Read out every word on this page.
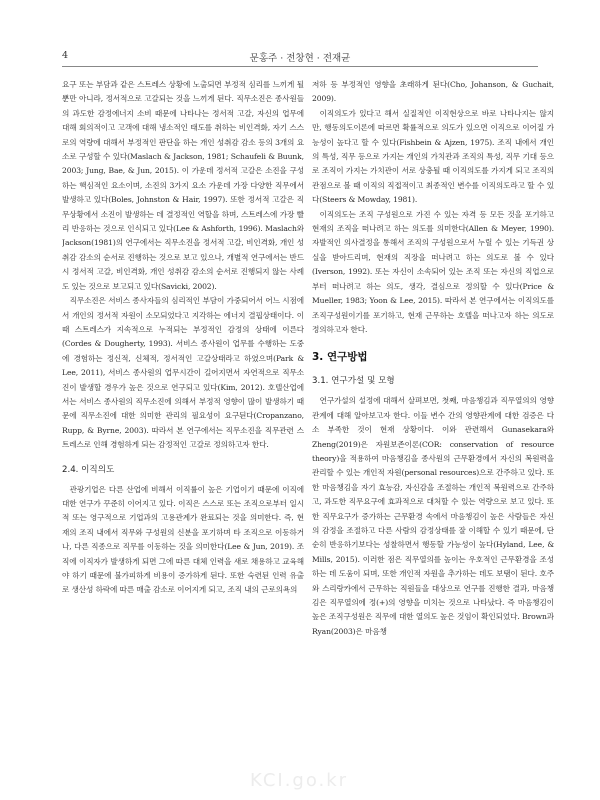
4	문홍주 · 전창현 · 전재균

요구 또는 부담과 같은 스트레스 상황에 노출되면 부정적 심리를 느끼게 될 뿐만 아니라, 정서적으로 고갈되는 것을 느끼게 된다. 직무소진은 종사원들의 과도한 감정에너지 소비 때문에 나타나는 정서적 고갈, 자신의 업무에 대해 회의적이고 고객에 대해 냉소적인 태도를 취하는 비인격화, 자기 스스로의 역량에 대해서 부정적인 판단을 하는 개인 성취감 감소 등의 3개의 요소로 구성할 수 있다(Maslach & Jackson, 1981; Schaufeli & Buunk, 2003; Jung, Bae, & Jun, 2015). 이 가운데 정서적 고갈은 소진을 구성하는 핵심적인 요소이며, 소진의 3가지 요소 가운데 가장 다양한 직무에서 발생하고 있다(Boles, Johnston & Hair, 1997). 또한 정서적 고갈은 직무상황에서 소진이 발생하는 데 결정적인 역할을 하며, 스트레스에 가장 빨리 반응하는 것으로 인식되고 있다(Lee & Ashforth, 1996). Maslach와 Jackson(1981)의 연구에서는 직무소진을 정서적 고갈, 비인격화, 개인 성취감 감소의 순서로 진행하는 것으로 보고 있으나, 개별적 연구에서는 반드시 정서적 고갈, 비인격화, 개인 성취감 감소의 순서로 진행되지 않는 사례도 있는 것으로 보고되고 있다(Savicki, 2002).

직무소진은 서비스 종사자들의 심리적인 부담이 가중되어서 어느 시점에서 개인의 정서적 자원이 소모되었다고 지각하는 에너지 결핍상태이다. 이때 스트레스가 지속적으로 누적되는 부정적인 감정의 상태에 이른다(Cordes & Dougherty, 1993). 서비스 종사원이 업무를 수행하는 도중에 경험하는 정신적, 신체적, 정서적인 고갈상태라고 하였으며(Park & Lee, 2011), 서비스 종사원의 업무시간이 길어지면서 자연적으로 직무소진이 발생할 경우가 높은 것으로 연구되고 있다(Kim, 2012). 호텔산업에서는 서비스 종사원의 직무소진에 의해서 부정적 영향이 많이 발생하기 때문에 직무소진에 대한 의미한 관리의 필요성이 요구된다(Cropanzano, Rupp, & Byrne, 2003). 따라서 본 연구에서는 직무소진을 직무관련 스트레스로 인해 경험하게 되는 감정적인 고갈로 정의하고자 한다.

2.4. 이직의도

관광기업은 다른 산업에 비해서 이직률이 높은 기업이기 때문에 이직에 대한 연구가 꾸준히 이어지고 있다. 이직은 스스로 또는 조직으로부터 일시적 또는 영구적으로 기업과의 고용관계가 완료되는 것을 의미한다. 즉, 현재의 조직 내에서 직무와 구성원의 신분을 포기하며 타 조직으로 이동하거나, 다른 직종으로 직무를 이동하는 것을 의미한다(Lee & Jun, 2019). 조직에 이직자가 발생하게 되면 그에 따른 대체 인력을 새로 채용하고 교육해야 하기 때문에 불가피하게 비용이 증가하게 된다. 또한 숙련된 인력 유출로 생산성 하락에 따른 매출 감소로 이어지게 되고, 조직 내의 근로의욕의

저하 등 부정적인 영향을 초래하게 된다(Cho, Johanson, & Guchait, 2009).

이직의도가 있다고 해서 실질적인 이직현상으로 바로 나타나지는 않지만, 행동의도이론에 따르면 확률적으로 의도가 있으면 이직으로 이어질 가능성이 높다고 할 수 있다(Fishbein & Ajzen, 1975). 조직 내에서 개인의 특성, 직무 등으로 가지는 개인의 가치관과 조직의 특성, 직무 기대 등으로 조직이 가지는 가치관이 서로 상충될 때 이직의도를 가지게 되고 조직의 관점으로 볼 때 이직의 직접적이고 최종적인 변수를 이직의도라고 할 수 있다(Steers & Mowday, 1981).

이직의도는 조직 구성원으로 가진 수 있는 자격 등 모든 것을 포기하고 현재의 조직을 떠나려고 하는 의도를 의미한다(Allen & Meyer, 1990). 자발적인 의사결정을 통해서 조직의 구성원으로서 누릴 수 있는 기득권 상실을 받아드리며, 현재의 직장을 떠나려고 하는 의도로 볼 수 있다(Iverson, 1992). 또는 자신이 소속되어 있는 조직 또는 자신의 직업으로부터 떠나려고 하는 의도, 생각, 결심으로 정의할 수 있다(Price & Mueller, 1983; Yoon & Lee, 2015). 따라서 본 연구에서는 이직의도를 조직구성원이기를 포기하고, 현재 근무하는 호텔을 떠나고자 하는 의도로 정의하고자 한다.

3. 연구방법
3.1. 연구가설 및 모형

연구가설의 설정에 대해서 살펴보면, 첫째, 마음챙김과 직무열의의 영향관계에 대해 알아보고자 한다. 이들 변수 간의 영향관계에 대한 검증은 다소 부족한 것이 현재 상황이다. 이와 관련해서 Gunasekara와 Zheng(2019)은 자원보존이론(COR: conservation of resource theory)을 적용하여 마음챙김을 종사원의 근무환경에서 자신의 복원력을 관리할 수 있는 개인적 자원(personal resources)으로 간주하고 있다. 또한 마음챙김을 자기 효능감, 자신감을 조절하는 개인적 복원력으로 간주하고, 과도한 직무요구에 효과적으로 대처할 수 있는 역량으로 보고 있다. 또한 직무요구가 증가하는 근무환경 속에서 마음챙김이 높은 사람들은 자신의 감정을 조절하고 다른 사람의 감정상태를 잘 이해할 수 있기 때문에, 단순히 반응하기보다는 성찰하면서 행동할 가능성이 높다(Hyland, Lee, & Mills, 2015). 이러한 점은 직무열의를 높이는 우호적인 근무환경을 조성하는 데 도움이 되며, 또한 개인적 자원을 추가하는 데도 보탬이 된다. 호주와 스리랑카에서 근무하는 직원들을 대상으로 연구를 진행한 결과, 마음챙김은 직무열의에 정(+)의 영향을 미치는 것으로 나타났다. 즉 마음챙김이 높은 조직구성원은 직무에 대한 열의도 높은 것임이 확인되었다. Brown과 Ryan(2003)은 마음챙

KCI.go.kr
